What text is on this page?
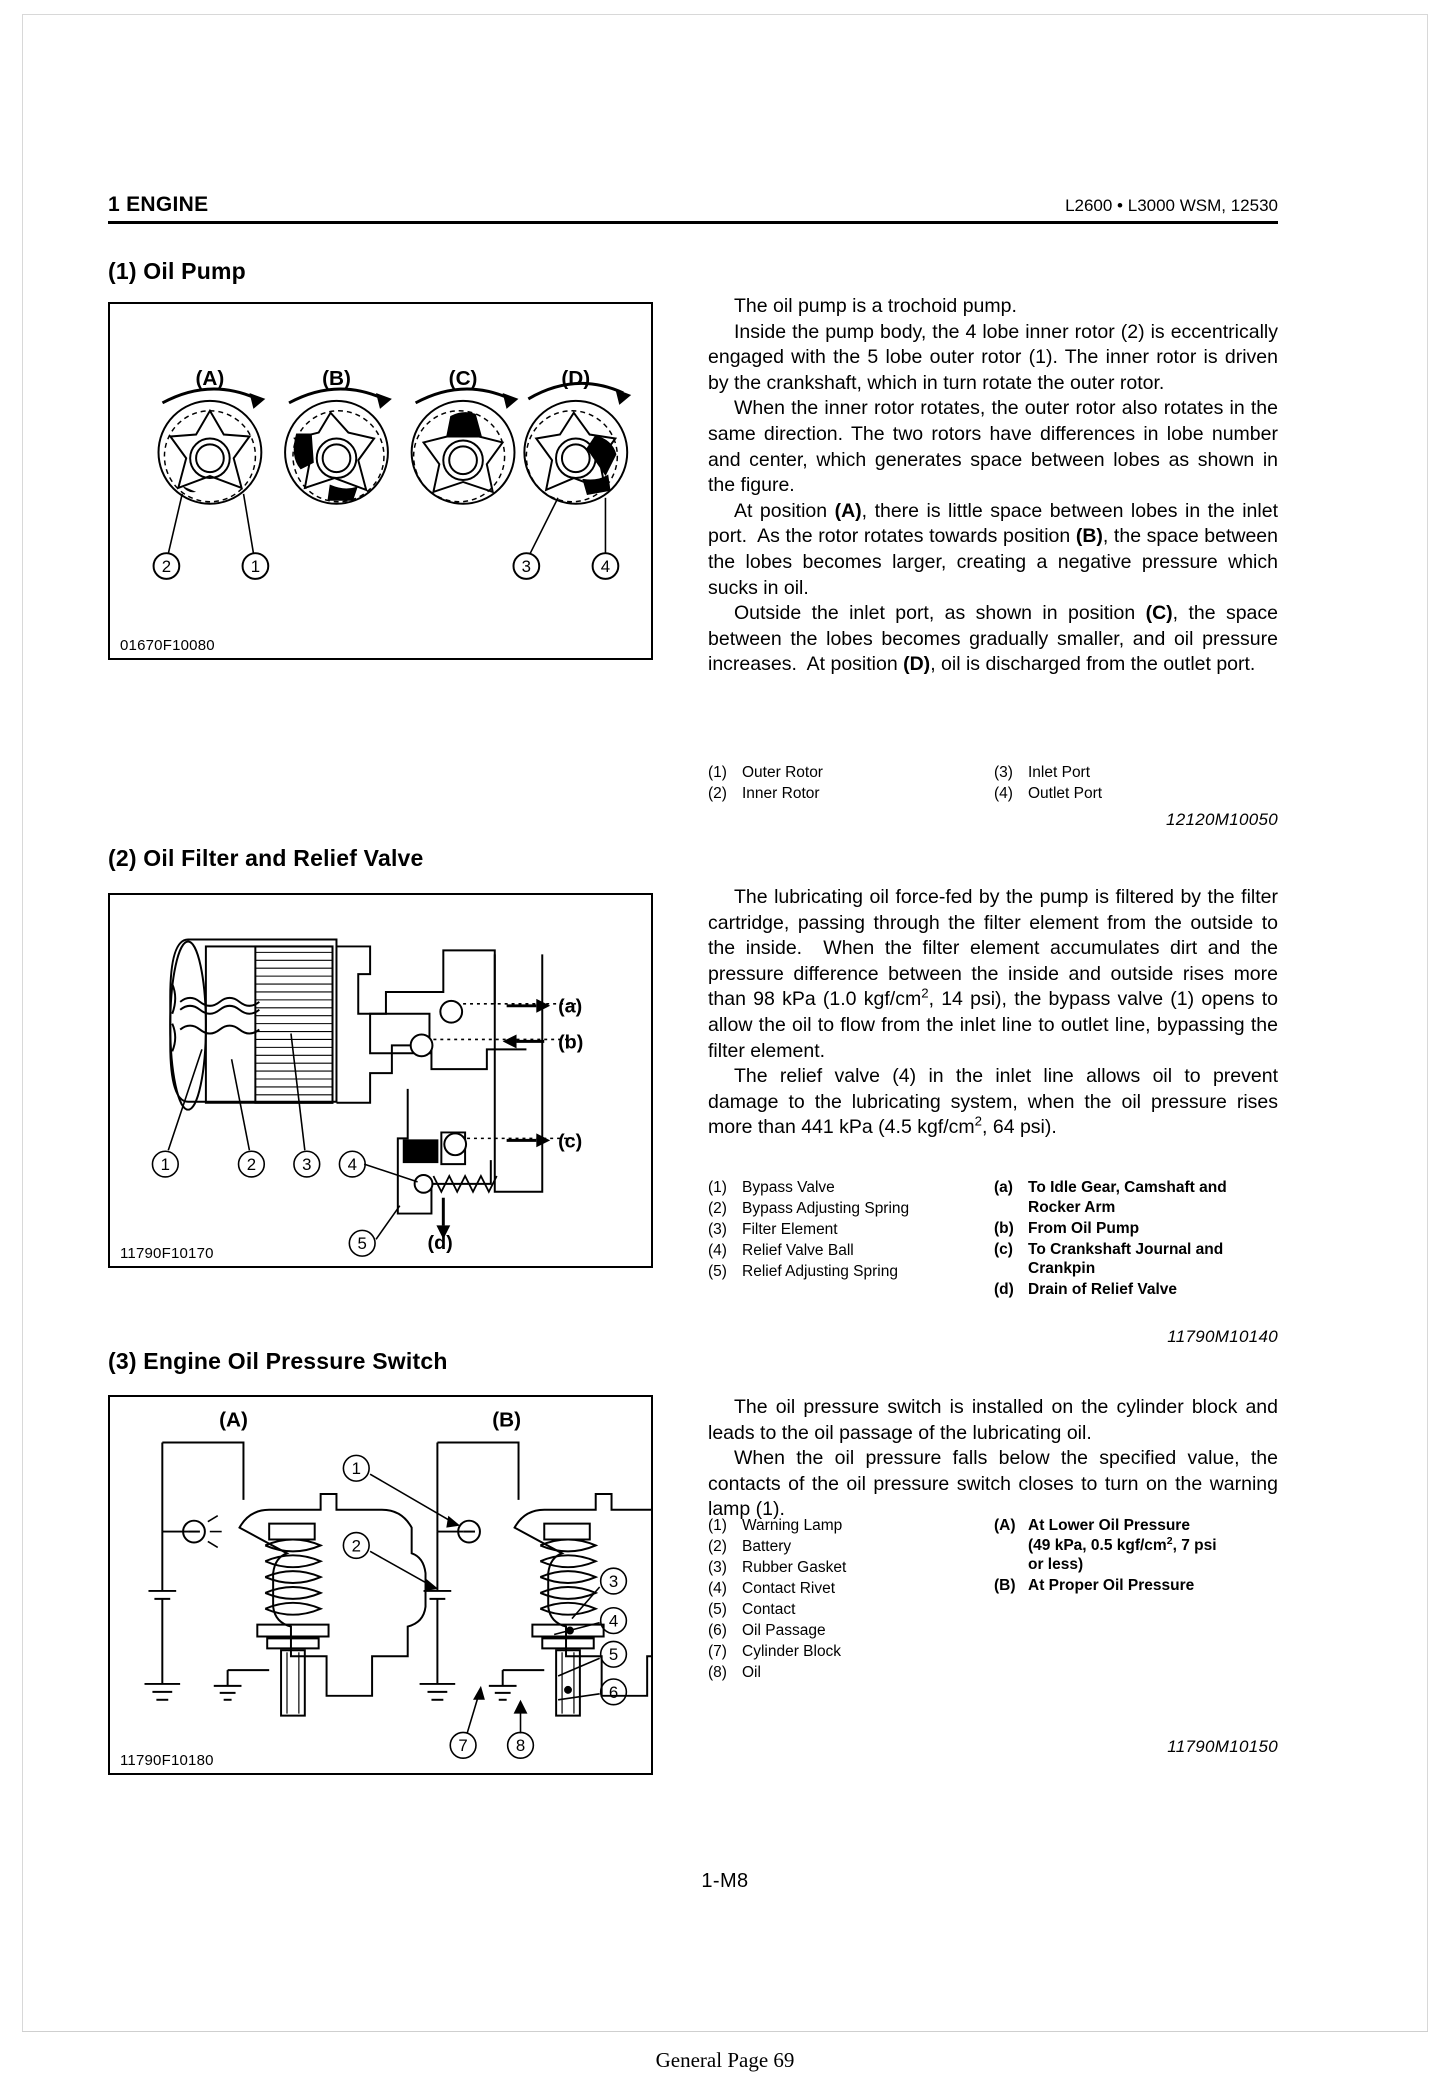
1 ENGINE	L2600 • L3000 WSM, 12530
(1) Oil Pump
2	1	3	4
(A)	(B)	(C)	(D)
01670F10080

The oil pump is a trochoid pump.

Inside the pump body, the 4 lobe inner rotor (2) is eccentrically engaged with the 5 lobe outer rotor (1). The inner rotor is driven by the crankshaft, which in turn rotate the outer rotor.

When the inner rotor rotates, the outer rotor also rotates in the same direction. The two rotors have differences in lobe number and center, which generates space between lobes as shown in the figure.

At position (A), there is little space between lobes in the inlet port.  As the rotor rotates towards position (B), the space between the lobes becomes larger, creating a negative pressure which sucks in oil.

Outside the inlet port, as shown in position (C), the space between the lobes becomes gradually smaller, and oil pressure increases.  At position (D), oil is discharged from the outlet port.

(1) Outer Rotor
(2) Inner Rotor
(3) Inlet Port
(4) Outlet Port
12120M10050
(2) Oil Filter and Relief Valve
1	2	3 4
5
(a)
(b)
(c)
(d)
11790F10170

The lubricating oil force-fed by the pump is filtered by the filter cartridge, passing through the filter element from the outside to the inside.  When the filter element accumulates dirt and the pressure difference between the inside and outside rises more than 98 kPa (1.0 kgf/$cm^2$, 14 psi), the bypass valve (1) opens to allow the oil to flow from the inlet line to outlet line, bypassing the filter element.

The relief valve (4) in the inlet line allows oil to prevent damage to the lubricating system, when the oil pressure rises more than 441 kPa (4.5 kgf/$cm^2$, 64 psi).

(1) Bypass Valve
(2) Bypass Adjusting Spring
(3) Filter Element
(4) Relief Valve Ball
(5) Relief Adjusting Spring
(a) To Idle Gear, Camshaft and Rocker Arm
(b) From Oil Pump
(c) To Crankshaft Journal and Crankpin
(d) Drain of Relief Valve
11790M10140
(3) Engine Oil Pressure Switch
1
2
3
4
5
6
7	8
(A)	(B)
11790F10180

The oil pressure switch is installed on the cylinder block and leads to the oil passage of the lubricating oil.

When the oil pressure falls below the specified value, the contacts of the oil pressure switch closes to turn on the warning lamp (1).

(1) Warning Lamp
(2) Battery
(3) Rubber Gasket
(4) Contact Rivet
(5) Contact
(6) Oil Passage
(7) Cylinder Block
(8) Oil
(A) At Lower Oil Pressure
(49 kPa, 0.5 kgf/$cm^2$, 7 psi
or less)
(B) At Proper Oil Pressure
11790M10150
1-M8
General Page 69
